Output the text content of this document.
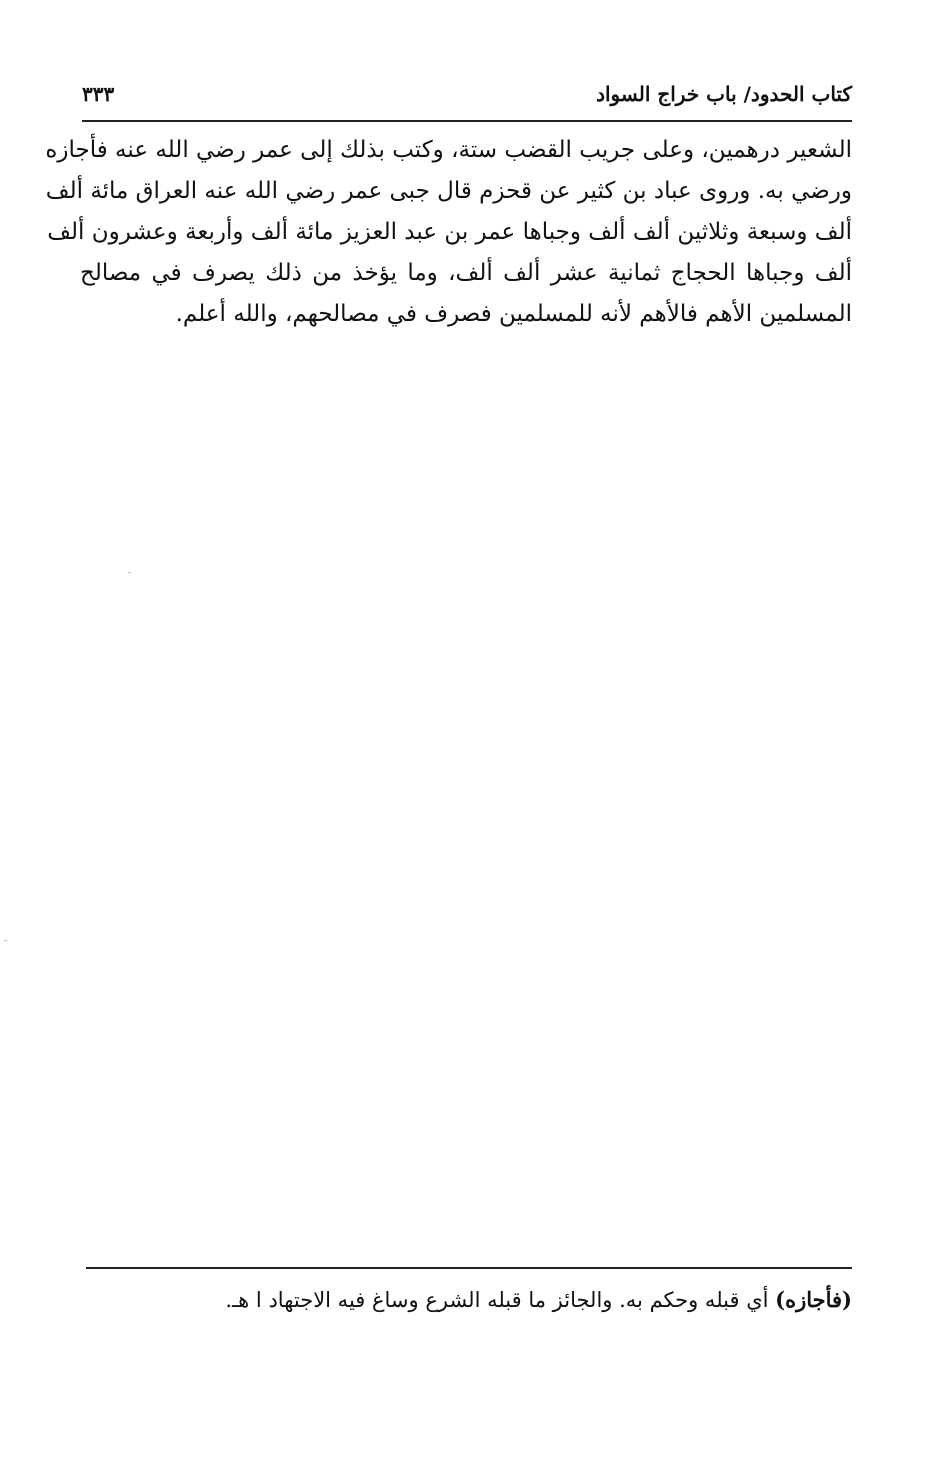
كتاب الحدود/ باب خراج السواد
٣٣٣
الشعير درهمين، وعلى جريب القضب ستة، وكتب بذلك إلى عمر رضي الله عنه فأجازه
ورضي به. وروى عباد بن كثير عن قحزم قال جبى عمر رضي الله عنه العراق مائة ألف
ألف وسبعة وثلاثين ألف ألف وجباها عمر بن عبد العزيز مائة ألف وأربعة وعشرون ألف
ألف وجباها الحجاج ثمانية عشر ألف ألف، وما يؤخذ من ذلك يصرف في مصالح
المسلمين الأهم فالأهم لأنه للمسلمين فصرف في مصالحهم، والله أعلم.
(فأجازه) أي قبله وحكم به. والجائز ما قبله الشرع وساغ فيه الاجتهاد ا هـ.
